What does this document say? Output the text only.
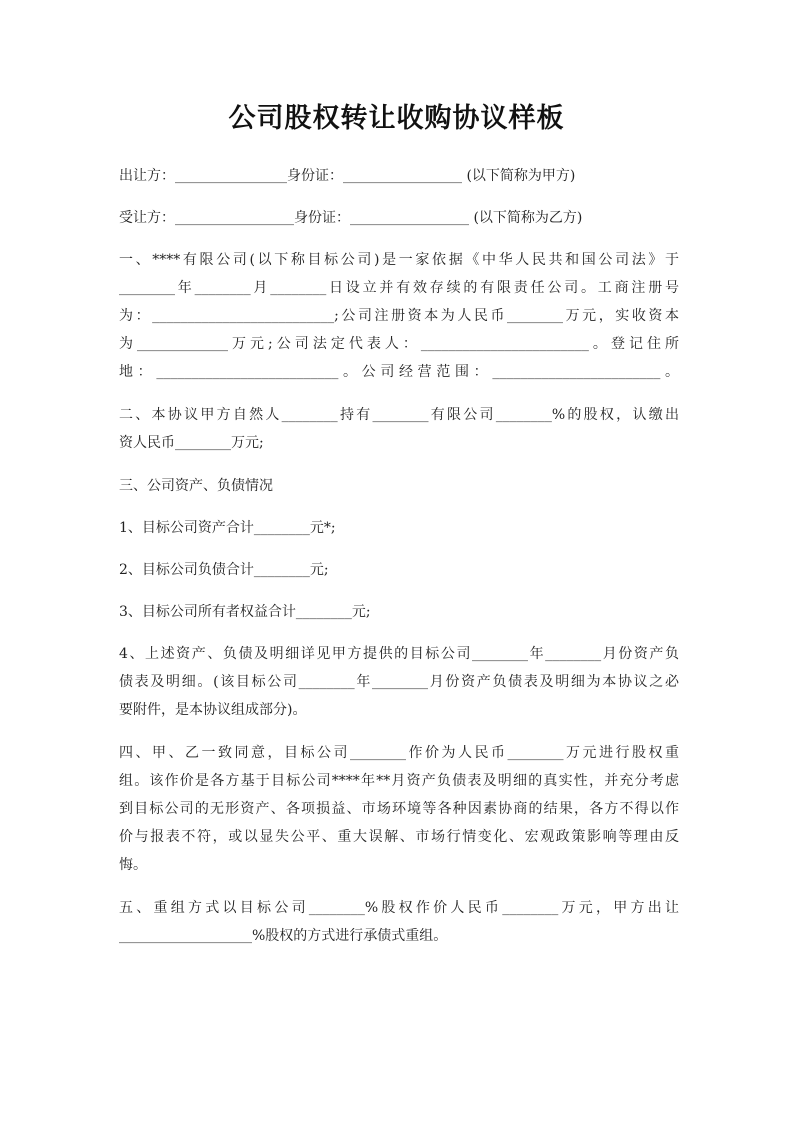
公司股权转让收购协议样板
出让方：________________身份证：_________________ (以下简称为甲方)
受让方：_________________身份证：_________________ (以下简称为乙方)
一、****有限公司(以下称目标公司)是一家依据《中华人民共和国公司法》于
________年________月________日设立并有效存续的有限责任公司。工商注册号
为：__________________________;公司注册资本为人民币________万元，实收资本
为_____________万元;公司法定代表人：________________________。登记住所
地：__________________________。公司经营范围：________________________。
二、本协议甲方自然人________持有________有限公司________%的股权，认缴出
资人民币________万元;
三、公司资产、负债情况
1、目标公司资产合计________元*;
2、目标公司负债合计________元;
3、目标公司所有者权益合计________元;
4、上述资产、负债及明细详见甲方提供的目标公司________年________月份资产负
债表及明细。(该目标公司________年________月份资产负债表及明细为本协议之必
要附件，是本协议组成部分)。
四、甲、乙一致同意，目标公司________作价为人民币________万元进行股权重
组。该作价是各方基于目标公司****年**月资产负债表及明细的真实性，并充分考虑
到目标公司的无形资产、各项损益、市场环境等各种因素协商的结果，各方不得以作
价与报表不符，或以显失公平、重大误解、市场行情变化、宏观政策影响等理由反
悔。
五、重组方式以目标公司________%股权作价人民币________万元，甲方出让
___________________%股权的方式进行承债式重组。
